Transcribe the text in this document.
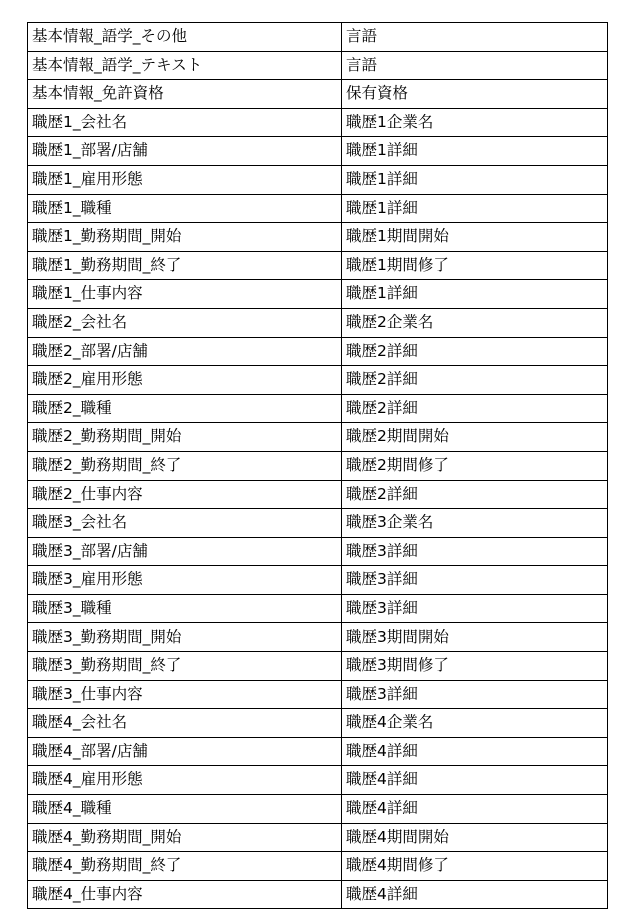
基本情報_語学_その他	言語
基本情報_語学_テキスト	言語
基本情報_免許資格	保有資格
職歴1_会社名	職歴1企業名
職歴1_部署/店舗	職歴1詳細
職歴1_雇用形態	職歴1詳細
職歴1_職種	職歴1詳細
職歴1_勤務期間_開始	職歴1期間開始
職歴1_勤務期間_終了	職歴1期間修了
職歴1_仕事内容	職歴1詳細
職歴2_会社名	職歴2企業名
職歴2_部署/店舗	職歴2詳細
職歴2_雇用形態	職歴2詳細
職歴2_職種	職歴2詳細
職歴2_勤務期間_開始	職歴2期間開始
職歴2_勤務期間_終了	職歴2期間修了
職歴2_仕事内容	職歴2詳細
職歴3_会社名	職歴3企業名
職歴3_部署/店舗	職歴3詳細
職歴3_雇用形態	職歴3詳細
職歴3_職種	職歴3詳細
職歴3_勤務期間_開始	職歴3期間開始
職歴3_勤務期間_終了	職歴3期間修了
職歴3_仕事内容	職歴3詳細
職歴4_会社名	職歴4企業名
職歴4_部署/店舗	職歴4詳細
職歴4_雇用形態	職歴4詳細
職歴4_職種	職歴4詳細
職歴4_勤務期間_開始	職歴4期間開始
職歴4_勤務期間_終了	職歴4期間修了
職歴4_仕事内容	職歴4詳細
